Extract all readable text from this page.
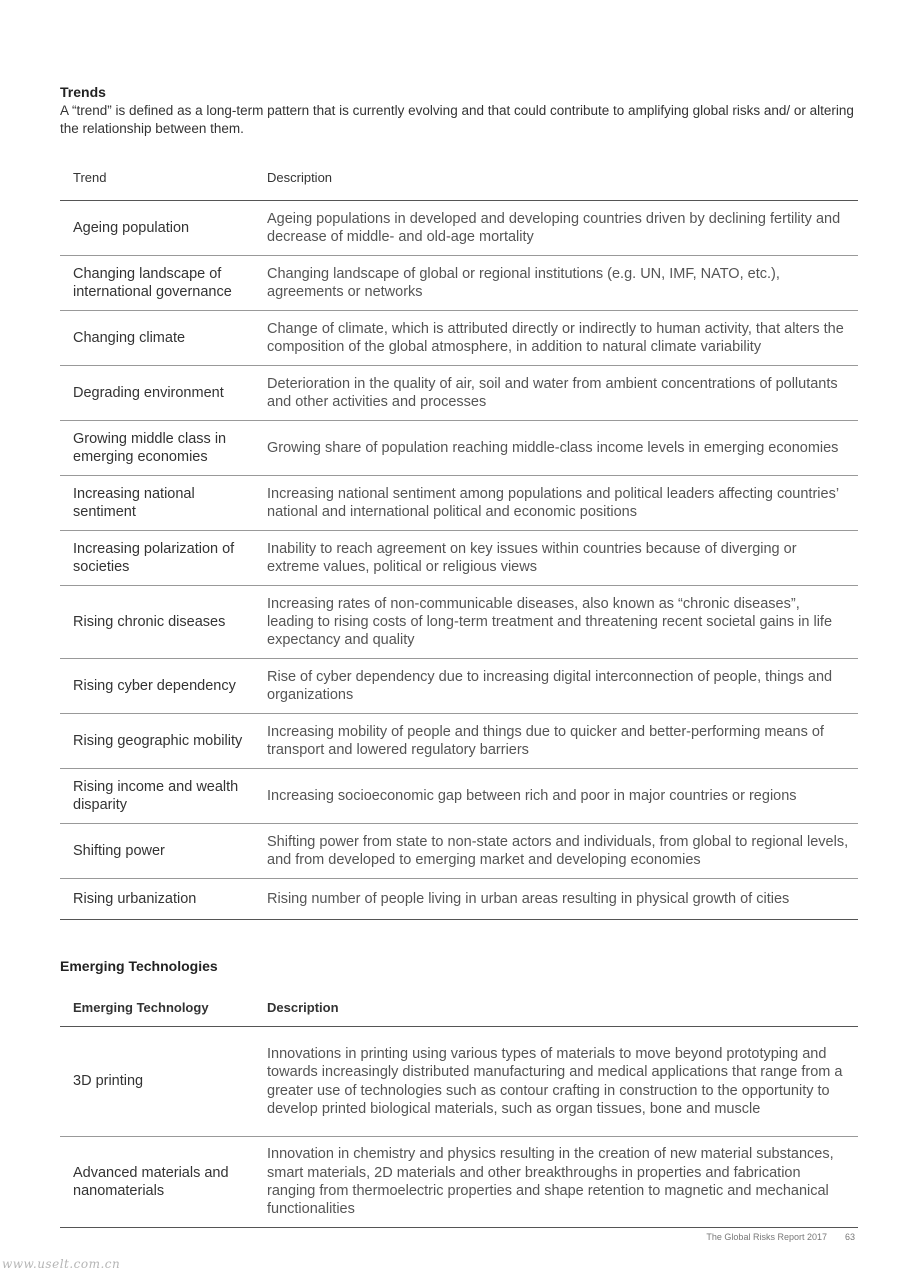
Trends

A “trend” is defined as a long-term pattern that is currently evolving and that could contribute to amplifying global risks and/ or altering the relationship between them.

Trend	Description
Ageing population	Ageing populations in developed and developing countries driven by declining fertility and decrease of middle- and old-age mortality
Changing landscape of international governance	Changing landscape of global or regional institutions (e.g. UN, IMF, NATO, etc.), agreements or networks
Changing climate	Change of climate, which is attributed directly or indirectly to human activity, that alters the composition of the global atmosphere, in addition to natural climate variability
Degrading environment	Deterioration in the quality of air, soil and water from ambient concentrations of pollutants and other activities and processes
Growing middle class in emerging economies	Growing share of population reaching middle-class income levels in emerging economies
Increasing national sentiment	Increasing national sentiment among populations and political leaders affecting countries’ national and international political and economic positions
Increasing polarization of societies	Inability to reach agreement on key issues within countries because of diverging or extreme values, political or religious views
Rising chronic diseases	Increasing rates of non-communicable diseases, also known as “chronic diseases”, leading to rising costs of long-term treatment and threatening recent societal gains in life expectancy and quality
Rising cyber dependency	Rise of cyber dependency due to increasing digital interconnection of people, things and organizations
Rising geographic mobility	Increasing mobility of people and things due to quicker and better-performing means of transport and lowered regulatory barriers
Rising income and wealth disparity	Increasing socioeconomic gap between rich and poor in major countries or regions
Shifting power	Shifting power from state to non-state actors and individuals, from global to regional levels, and from developed to emerging market and developing economies
Rising urbanization	Rising number of people living in urban areas resulting in physical growth of cities
Emerging Technologies
Emerging Technology	Description
3D printing	Innovations in printing using various types of materials to move beyond prototyping and towards increasingly distributed manufacturing and medical applications that range from a greater use of technologies such as contour crafting in construction to the opportunity to develop printed biological materials, such as organ tissues, bone and muscle
Advanced materials and nanomaterials	Innovation in chemistry and physics resulting in the creation of new material substances, smart materials, 2D materials and other breakthroughs in properties and fabrication ranging from thermoelectric properties and shape retention to magnetic and mechanical functionalities
The Global Risks Report 2017 63
www.uselt.com.cn
